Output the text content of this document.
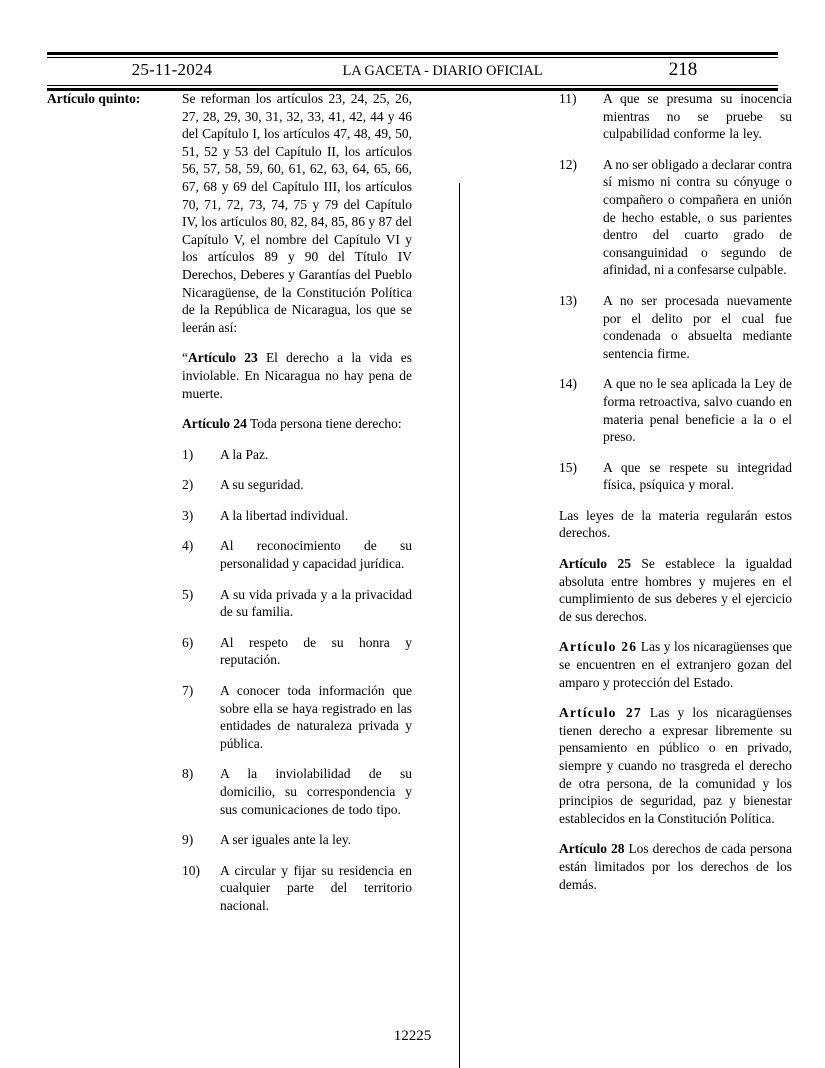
25-11-2024	LA GACETA - DIARIO OFICIAL	218
Artículo quinto:	Se reforman los artículos 23, 24, 25, 26, 27, 28, 29, 30, 31, 32, 33, 41, 42, 44 y 46 del Capítulo I, los artículos 47, 48, 49, 50, 51, 52 y 53 del Capítulo II, los artículos 56, 57, 58, 59, 60, 61, 62, 63, 64, 65, 66, 67, 68 y 69 del Capítulo III, los artículos 70, 71, 72, 73, 74, 75 y 79 del Capítulo IV, los artículos 80, 82, 84, 85, 86 y 87 del Capítulo V, el nombre del Capítulo VI y los artículos 89 y 90 del Título IV Derechos, Deberes y Garantías del Pueblo Nicaragüense, de la Constitución Política de la República de Nicaragua, los que se leerán así:

“Artículo 23 El derecho a la vida es inviolable. En Nicaragua no hay pena de muerte.

Artículo 24 Toda persona tiene derecho:

1)	A la Paz.
2)	A su seguridad.
3)	A la libertad individual.
4)	Al reconocimiento de su personalidad y capacidad jurídica.
5)	A su vida privada y a la privacidad de su familia.
6)	Al respeto de su honra y reputación.
7)	A conocer toda información que sobre ella se haya registrado en las entidades de naturaleza privada y pública.
8)	A la inviolabilidad de su domicilio, su correspondencia y sus comunicaciones de todo tipo.
9)	A ser iguales ante la ley.
10)	A circular y fijar su residencia en cualquier parte del territorio nacional.
11)	A que se presuma su inocencia mientras no se pruebe su culpabilidad conforme la ley.
12)	A no ser obligado a declarar contra sí mismo ni contra su cónyuge o compañero o compañera en unión de hecho estable, o sus parientes dentro del cuarto grado de consanguinidad o segundo de afinidad, ni a confesarse culpable.
13)	A no ser procesada nuevamente por el delito por el cual fue condenada o absuelta mediante sentencia firme.
14)	A que no le sea aplicada la Ley de forma retroactiva, salvo cuando en materia penal beneficie a la o el preso.
15)	A que se respete su integridad física, psíquica y moral.

Las leyes de la materia regularán estos derechos.

Artículo 25 Se establece la igualdad absoluta entre hombres y mujeres en el cumplimiento de sus deberes y el ejercicio de sus derechos.

Artículo 26 Las y los nicaragüenses que se encuentren en el extranjero gozan del amparo y protección del Estado.

Artículo 27 Las y los nicaragüenses tienen derecho a expresar libremente su pensamiento en público o en privado, siempre y cuando no trasgreda el derecho de otra persona, de la comunidad y los principios de seguridad, paz y bienestar establecidos en la Constitución Política.

Artículo 28 Los derechos de cada persona están limitados por los derechos de los demás.

12225
